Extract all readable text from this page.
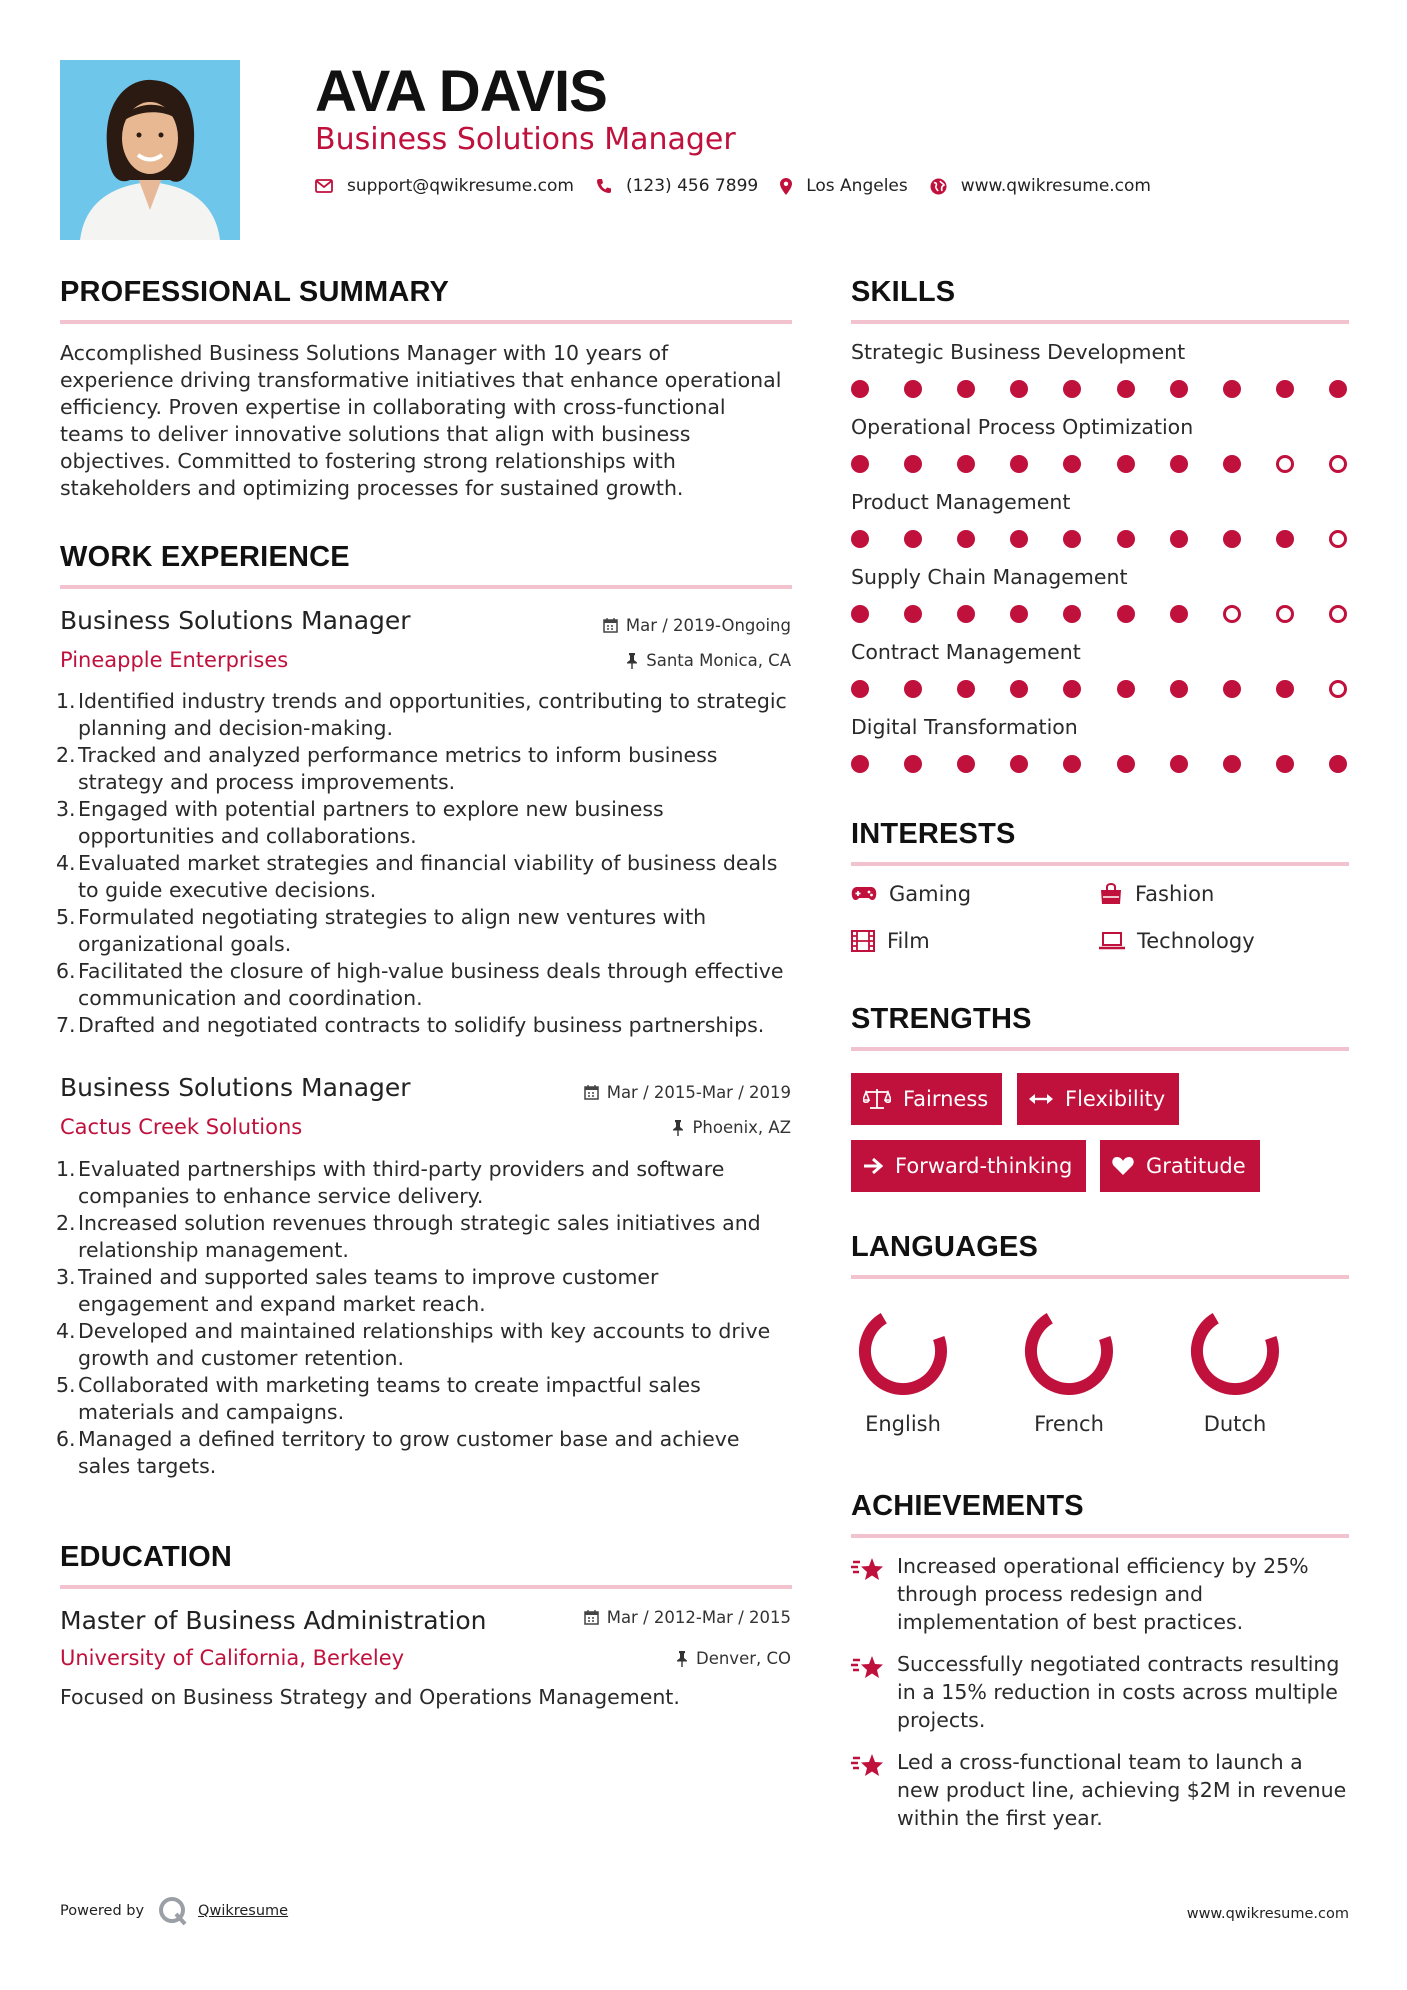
AVA DAVIS
Business Solutions Manager
support@qwikresume.com	(123) 456 7899	Los Angeles	www.qwikresume.com
PROFESSIONAL SUMMARY
Accomplished Business Solutions Manager with 10 years of
experience driving transformative initiatives that enhance operational
efficiency. Proven expertise in collaborating with cross-functional
teams to deliver innovative solutions that align with business
objectives. Committed to fostering strong relationships with
stakeholders and optimizing processes for sustained growth.
WORK EXPERIENCE
Business Solutions Manager	Mar / 2019-Ongoing
Pineapple Enterprises	Santa Monica, CA
1. Identified industry trends and opportunities, contributing to strategic
planning and decision-making.
2. Tracked and analyzed performance metrics to inform business
strategy and process improvements.
3. Engaged with potential partners to explore new business
opportunities and collaborations.
4. Evaluated market strategies and financial viability of business deals
to guide executive decisions.
5. Formulated negotiating strategies to align new ventures with
organizational goals.
6. Facilitated the closure of high-value business deals through effective
communication and coordination.
7. Drafted and negotiated contracts to solidify business partnerships.
Business Solutions Manager	Mar / 2015-Mar / 2019
Cactus Creek Solutions	Phoenix, AZ
1. Evaluated partnerships with third-party providers and software
companies to enhance service delivery.
2. Increased solution revenues through strategic sales initiatives and
relationship management.
3. Trained and supported sales teams to improve customer
engagement and expand market reach.
4. Developed and maintained relationships with key accounts to drive
growth and customer retention.
5. Collaborated with marketing teams to create impactful sales
materials and campaigns.
6. Managed a defined territory to grow customer base and achieve
sales targets.
EDUCATION
Master of Business Administration	Mar / 2012-Mar / 2015
University of California, Berkeley	Denver, CO
Focused on Business Strategy and Operations Management.
SKILLS
Strategic Business Development
Operational Process Optimization
Product Management
Supply Chain Management
Contract Management
Digital Transformation
INTERESTS
Gaming	Fashion
Film	Technology
STRENGTHS
Fairness	Flexibility
Forward-thinking	Gratitude
LANGUAGES
English	French	Dutch
ACHIEVEMENTS
Increased operational efficiency by 25%
through process redesign and
implementation of best practices.
Successfully negotiated contracts resulting
in a 15% reduction in costs across multiple
projects.
Led a cross-functional team to launch a
new product line, achieving $2M in revenue
within the first year.
Powered by	Qwikresume	www.qwikresume.com
